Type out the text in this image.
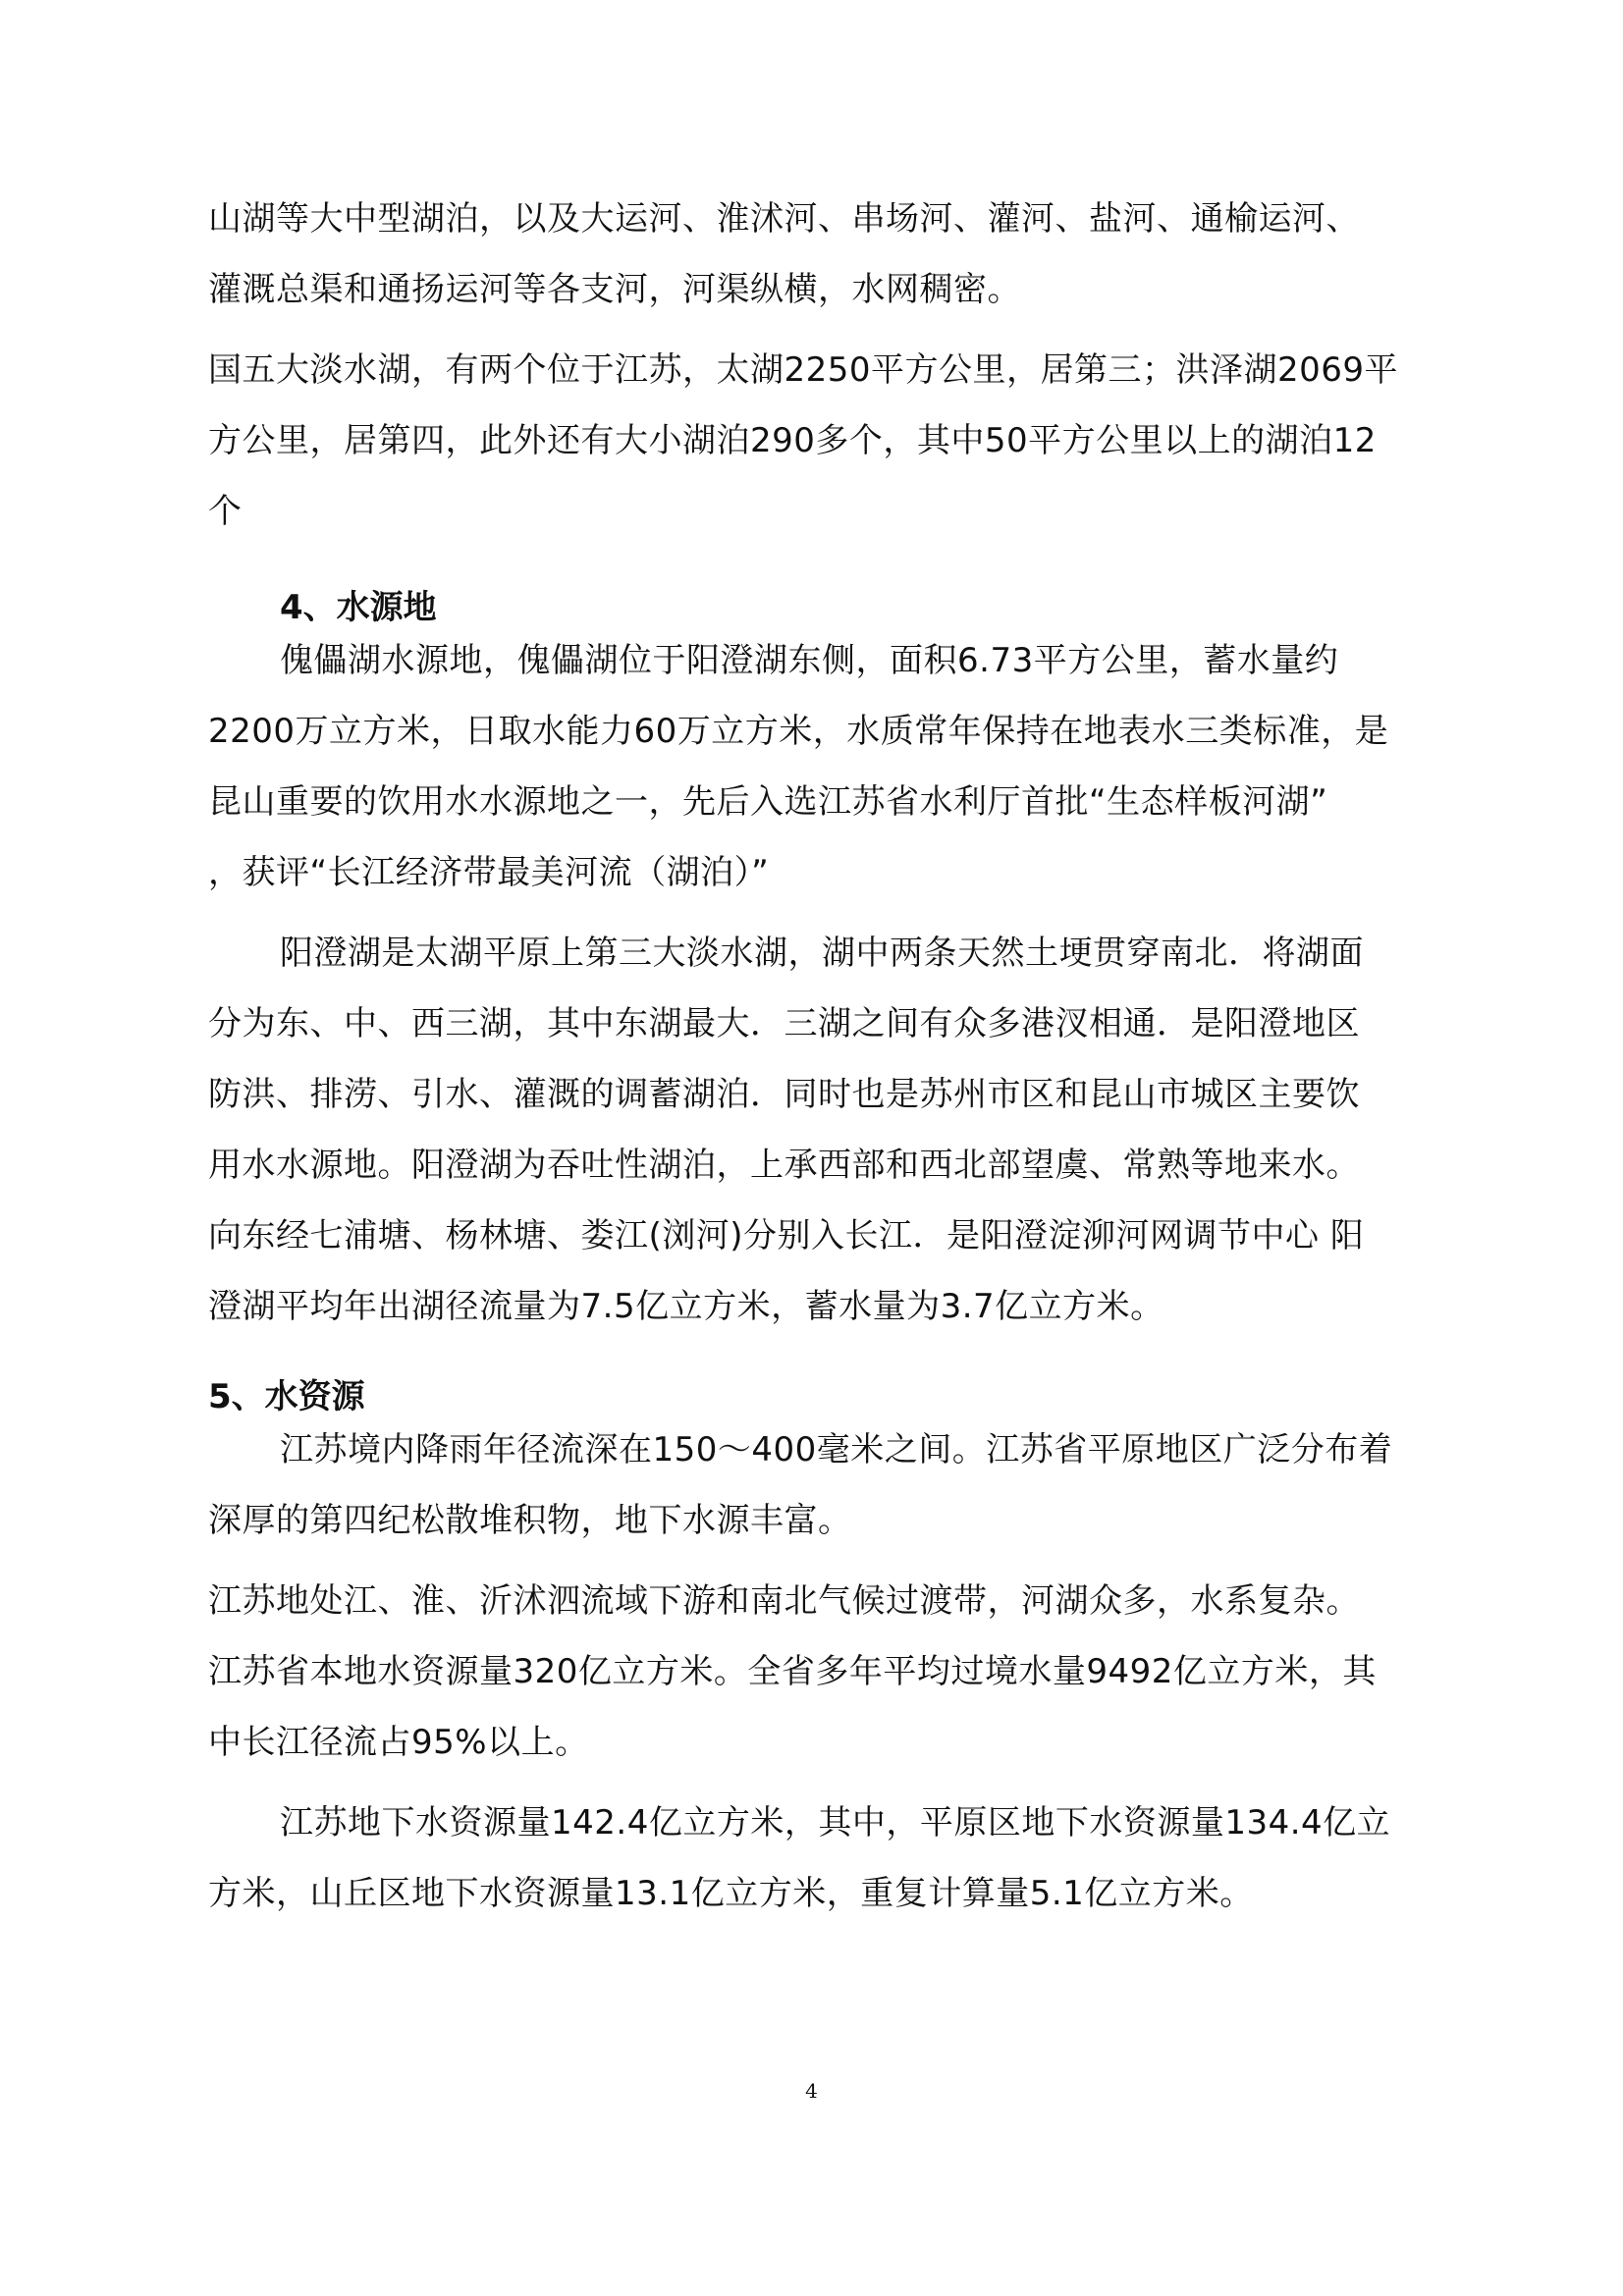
山湖等大中型湖泊，以及大运河、淮沭河、串场河、灌河、盐河、通榆运河、
灌溉总渠和通扬运河等各支河，河渠纵横，水网稠密。
国五大淡水湖，有两个位于江苏，太湖2250平方公里，居第三；洪泽湖2069平
方公里，居第四，此外还有大小湖泊290多个，其中50平方公里以上的湖泊12
个
4、水源地
傀儡湖水源地，傀儡湖位于阳澄湖东侧，面积6.73平方公里，蓄水量约
2200万立方米，日取水能力60万立方米，水质常年保持在地表水三类标准，是
昆山重要的饮用水水源地之一，先后入选江苏省水利厅首批“生态样板河湖”
，获评“长江经济带最美河流（湖泊）”
阳澄湖是太湖平原上第三大淡水湖，湖中两条天然土埂贯穿南北．将湖面
分为东、中、西三湖，其中东湖最大．三湖之间有众多港汊相通．是阳澄地区
防洪、排涝、引水、灌溉的调蓄湖泊．同时也是苏州市区和昆山市城区主要饮
用水水源地。阳澄湖为吞吐性湖泊，上承西部和西北部望虞、常熟等地来水。
向东经七浦塘、杨林塘、娄江(浏河)分别入长江．是阳澄淀泖河网调节中心 阳
澄湖平均年出湖径流量为7.5亿立方米，蓄水量为3.7亿立方米。
5、水资源
江苏境内降雨年径流深在150～400毫米之间。江苏省平原地区广泛分布着
深厚的第四纪松散堆积物，地下水源丰富。
江苏地处江、淮、沂沭泗流域下游和南北气候过渡带，河湖众多，水系复杂。
江苏省本地水资源量320亿立方米。全省多年平均过境水量9492亿立方米，其
中长江径流占95%以上。
江苏地下水资源量142.4亿立方米，其中，平原区地下水资源量134.4亿立
方米，山丘区地下水资源量13.1亿立方米，重复计算量5.1亿立方米。
4
